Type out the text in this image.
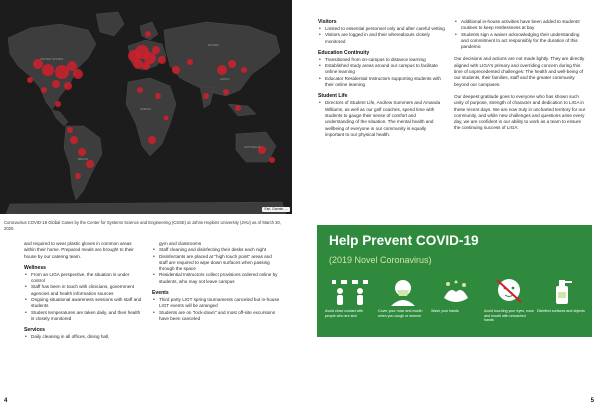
UNITED STATES
BRAZIL
AFRICA
RUSSIA
CHINA
AUSTRALIA
Esri, Garmin, ...
Coronavirus COVID-19 Global Cases by the Center for Systems Science and Engineering (CSSE) at Johns Hopkins University (JHU) as of March 30, 2020.
and required to wear plastic gloves in common areas within their home. Prepared meals are brought to their house by our catering team.
Wellness
• From an LIGA perspective, the situation is under control
• Staff has been in touch with clinicians, government agencies and health information sources
• Ongoing situational awareness sessions with staff and students
• Student temperatures are taken daily, and their health is closely monitored
Services
• Daily cleaning in all offices, dining hall,
gym and classrooms
• Staff cleaning and disinfecting their desks each night
• Disinfectants are placed at "high touch point" areas and staff are required to wipe down surfaces when passing through the space
• Residential Instructors collect provisions ordered online by students, who may not leave campus
Events
• Third party LIGT spring tournaments canceled but in-house LIGT events will be arranged
• Students are on "lock-down" and most off-site excursions have been canceled
Visitors
• Limited to essential personnel only and after careful vetting
• Visitors are logged in and their whereabouts closely monitored
Education Continuity
• Transitioned from on-campus to distance learning
• Established study areas around our campus to facilitate online learning
• Educator Residential Instructors supporting students with their online learning
Student Life
• Directors of Student Life, Andrew Summers and Amanda Williams, as well as our golf coaches, spend time with students to gauge their sense of comfort and understanding of the situation. The mental health and wellbeing of everyone in our community is equally important to our physical health.
• Additional in-house activities have been added to students' routines to keep restlessness at bay
• Students sign a waiver acknowledging their understanding and commitment to act responsibly for the duration of this pandemic
Our decisions and actions are not made lightly. They are directly aligned with LIGA's primary and overriding concern during this time of unprecedented challenges: The health and well-being of our students, their families, staff and the greater community beyond our campuses.
Our deepest gratitude goes to everyone who has shown such unity of purpose, strength of character and dedication to LIGA in these recent days. We are now truly in uncharted territory for our community, and while new challenges and questions arise every day, we are confident in our ability to work as a team to ensure the continuing success of LIGA.
Help Prevent COVID-19
(2019 Novel Coronavirus)
Avoid close contact with people who are sick
Cover your nose and mouth when you cough or sneeze
Wash your hands	Avoid touching your eyes, nose and mouth with unwashed hands
Disinfect surfaces and objects
4	5
